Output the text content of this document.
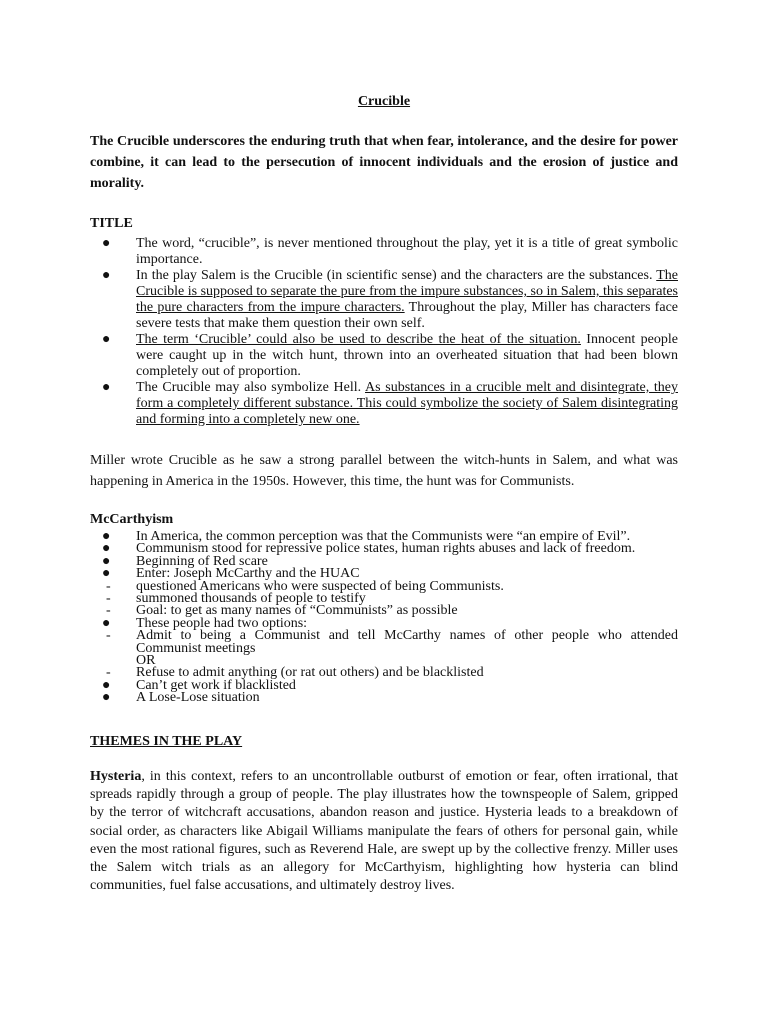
Crucible
The Crucible underscores the enduring truth that when fear, intolerance, and the desire for power combine, it can lead to the persecution of innocent individuals and the erosion of justice and morality.
TITLE
● The word, “crucible”, is never mentioned throughout the play, yet it is a title of great symbolic importance.
● In the play Salem is the Crucible (in scientific sense) and the characters are the substances. The Crucible is supposed to separate the pure from the impure substances, so in Salem, this separates the pure characters from the impure characters. Throughout the play, Miller has characters face severe tests that make them question their own self.
● The term ‘Crucible’ could also be used to describe the heat of the situation. Innocent people were caught up in the witch hunt, thrown into an overheated situation that had been blown completely out of proportion.
● The Crucible may also symbolize Hell. As substances in a crucible melt and disintegrate, they form a completely different substance. This could symbolize the society of Salem disintegrating and forming into a completely new one.
Miller wrote Crucible as he saw a strong parallel between the witch-hunts in Salem, and what was happening in America in the 1950s. However, this time, the hunt was for Communists.
McCarthyism
● In America, the common perception was that the Communists were “an empire of Evil”.
● Communism stood for repressive police states, human rights abuses and lack of freedom.
● Beginning of Red scare
● Enter: Joseph McCarthy and the HUAC
- questioned Americans who were suspected of being Communists.
- summoned thousands of people to testify
- Goal: to get as many names of “Communists” as possible
● These people had two options:
- Admit to being a Communist and tell McCarthy names of other people who attended Communist meetings
OR
- Refuse to admit anything (or rat out others) and be blacklisted
● Can’t get work if blacklisted
● A Lose-Lose situation
THEMES IN THE PLAY
Hysteria, in this context, refers to an uncontrollable outburst of emotion or fear, often irrational, that spreads rapidly through a group of people. The play illustrates how the townspeople of Salem, gripped by the terror of witchcraft accusations, abandon reason and justice. Hysteria leads to a breakdown of social order, as characters like Abigail Williams manipulate the fears of others for personal gain, while even the most rational figures, such as Reverend Hale, are swept up by the collective frenzy. Miller uses the Salem witch trials as an allegory for McCarthyism, highlighting how hysteria can blind communities, fuel false accusations, and ultimately destroy lives.
